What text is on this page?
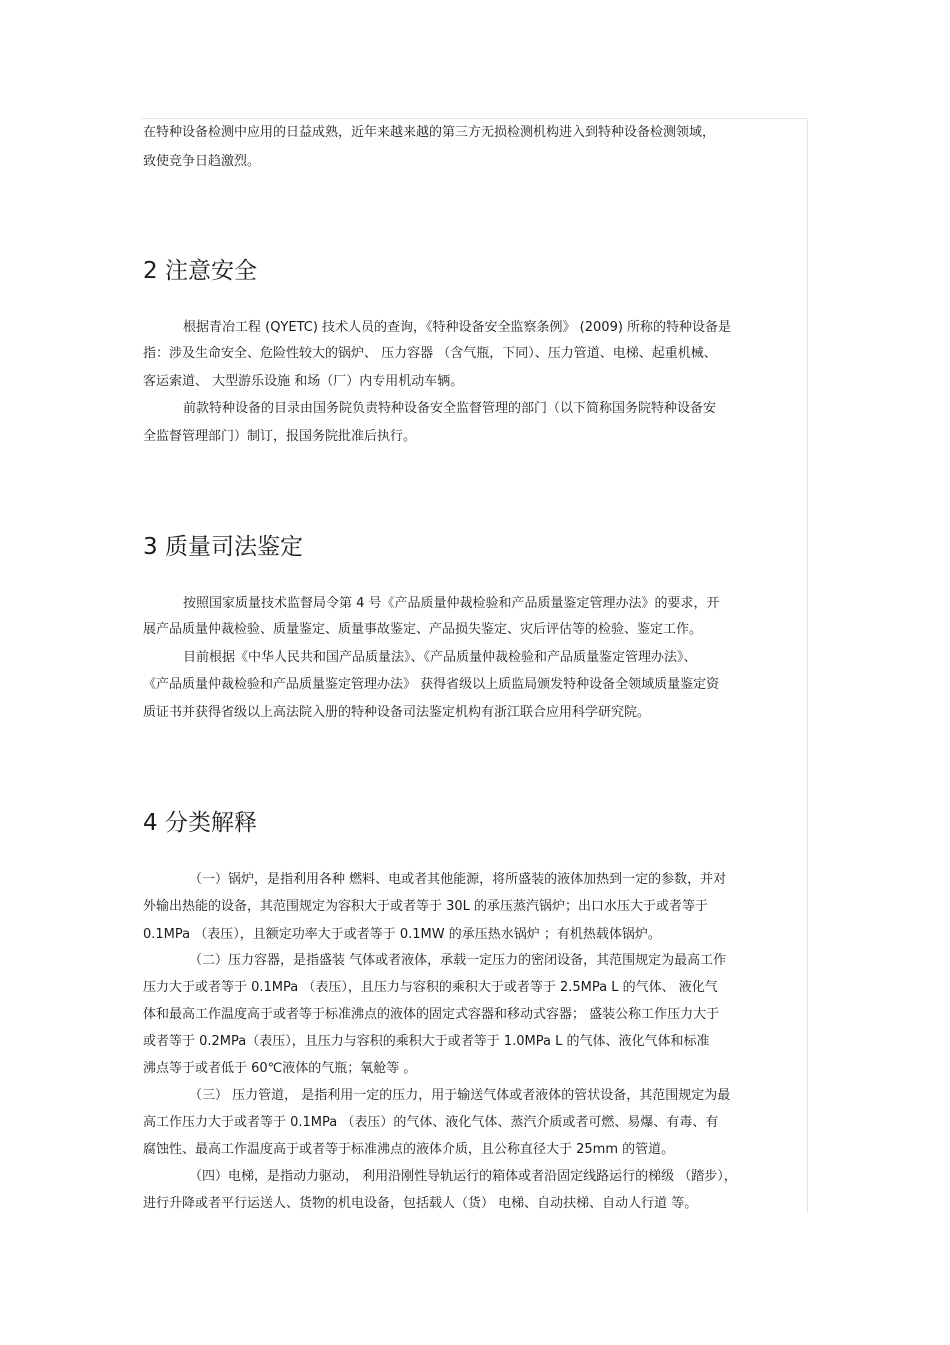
在特种设备检测中应用的日益成熟，近年来越来越的第三方无损检测机构进入到特种设备检测领域，
致使竞争日趋激烈。
2 注意安全
根据青冶工程 (QYETC) 技术人员的查询，《特种设备安全监察条例》 (2009) 所称的特种设备是
指：涉及生命安全、危险性较大的锅炉、 压力容器 （含气瓶，下同）、压力管道、电梯、起重机械、
客运索道、 大型游乐设施 和场（厂）内专用机动车辆。
前款特种设备的目录由国务院负责特种设备安全监督管理的部门（以下简称国务院特种设备安
全监督管理部门）制订，报国务院批准后执行。
3 质量司法鉴定
按照国家质量技术监督局令第 4 号《产品质量仲裁检验和产品质量鉴定管理办法》的要求，开
展产品质量仲裁检验、质量鉴定、质量事故鉴定、产品损失鉴定、灾后评估等的检验、鉴定工作。
目前根据《中华人民共和国产品质量法》、《产品质量仲裁检验和产品质量鉴定管理办法》、
《产品质量仲裁检验和产品质量鉴定管理办法》 获得省级以上质监局颁发特种设备全领域质量鉴定资
质证书并获得省级以上高法院入册的特种设备司法鉴定机构有浙江联合应用科学研究院。
4 分类解释
（一）锅炉，是指利用各种 燃料、电或者其他能源，将所盛装的液体加热到一定的参数，并对
外输出热能的设备，其范围规定为容积大于或者等于 30L 的承压蒸汽锅炉；出口水压大于或者等于
0.1MPa （表压），且额定功率大于或者等于 0.1MW 的承压热水锅炉 ；有机热载体锅炉。
（二）压力容器，是指盛装 气体或者液体，承载一定压力的密闭设备，其范围规定为最高工作
压力大于或者等于 0.1MPa （表压），且压力与容积的乘积大于或者等于 2.5MPa L 的气体、 液化气
体和最高工作温度高于或者等于标准沸点的液体的固定式容器和移动式容器； 盛装公称工作压力大于
或者等于 0.2MPa（表压），且压力与容积的乘积大于或者等于 1.0MPa L 的气体、液化气体和标准
沸点等于或者低于 60℃液体的气瓶；氧舱等 。
（三） 压力管道， 是指利用一定的压力，用于输送气体或者液体的管状设备，其范围规定为最
高工作压力大于或者等于 0.1MPa （表压）的气体、液化气体、蒸汽介质或者可燃、易爆、有毒、有
腐蚀性、最高工作温度高于或者等于标准沸点的液体介质，且公称直径大于 25mm 的管道。
（四）电梯，是指动力驱动， 利用沿刚性导轨运行的箱体或者沿固定线路运行的梯级 （踏步），
进行升降或者平行运送人、货物的机电设备，包括载人（货） 电梯、自动扶梯、自动人行道 等。
